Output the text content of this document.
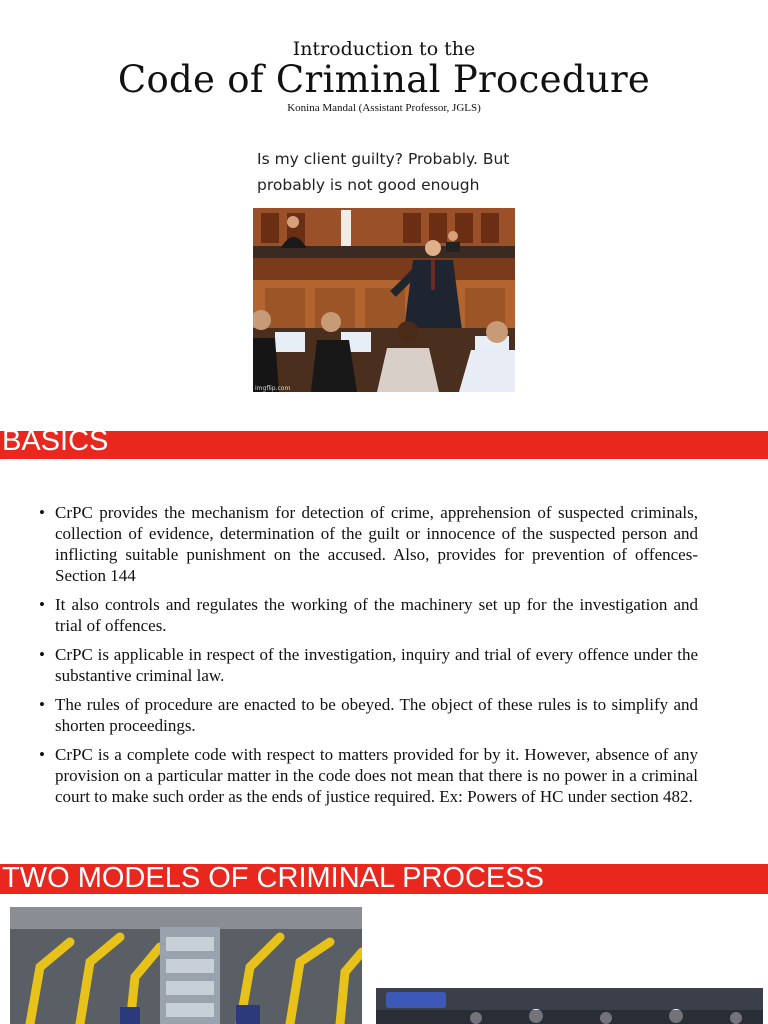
Introduction to the
Code of Criminal Procedure
Konina Mandal (Assistant Professor, JGLS)
Is my client guilty? Probably. But
probably is not good enough
imgflip.com
BASICS
• CrPC provides the mechanism for detection of crime, apprehension of suspected criminals, collection of evidence, determination of the guilt or innocence of the suspected person and inflicting suitable punishment on the accused. Also, provides for prevention of offences- Section 144
• It also controls and regulates the working of the machinery set up for the investigation and trial of offences.
• CrPC is applicable in respect of the investigation, inquiry and trial of every offence under the substantive criminal law.
• The rules of procedure are enacted to be obeyed. The object of these rules is to simplify and shorten proceedings.
• CrPC is a complete code with respect to matters provided for by it. However, absence of any provision on a particular matter in the code does not mean that there is no power in a criminal court to make such order as the ends of justice required. Ex: Powers of HC under section 482.
TWO MODELS OF CRIMINAL PROCESS
